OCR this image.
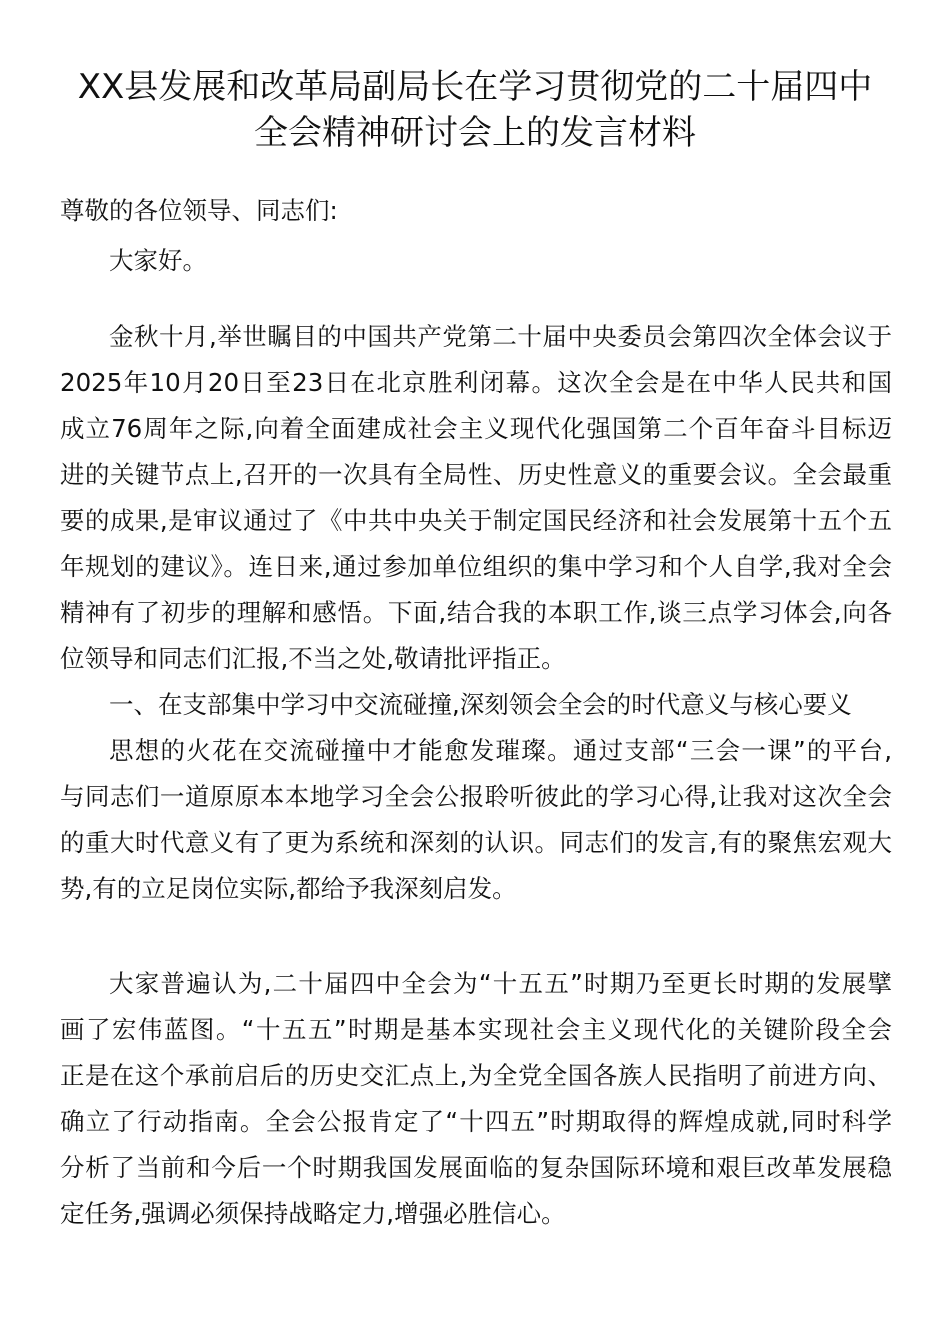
XX县发展和改革局副局长在学习贯彻党的二十届四中
全会精神研讨会上的发言材料
尊敬的各位领导、同志们:
大家好。
金秋十月,举世瞩目的中国共产党第二十届中央委员会第四次全体会议于
2025年10月20日至23日在北京胜利闭幕。这次全会是在中华人民共和国
成立76周年之际,向着全面建成社会主义现代化强国第二个百年奋斗目标迈
进的关键节点上,召开的一次具有全局性、历史性意义的重要会议。全会最重
要的成果,是审议通过了《中共中央关于制定国民经济和社会发展第十五个五
年规划的建议》。连日来,通过参加单位组织的集中学习和个人自学,我对全会
精神有了初步的理解和感悟。下面,结合我的本职工作,谈三点学习体会,向各
位领导和同志们汇报,不当之处,敬请批评指正。
一、在支部集中学习中交流碰撞,深刻领会全会的时代意义与核心要义
思想的火花在交流碰撞中才能愈发璀璨。通过支部“三会一课”的平台,
与同志们一道原原本本地学习全会公报聆听彼此的学习心得,让我对这次全会
的重大时代意义有了更为系统和深刻的认识。同志们的发言,有的聚焦宏观大
势,有的立足岗位实际,都给予我深刻启发。
大家普遍认为,二十届四中全会为“十五五”时期乃至更长时期的发展擘
画了宏伟蓝图。“十五五”时期是基本实现社会主义现代化的关键阶段全会
正是在这个承前启后的历史交汇点上,为全党全国各族人民指明了前进方向、
确立了行动指南。全会公报肯定了“十四五”时期取得的辉煌成就,同时科学
分析了当前和今后一个时期我国发展面临的复杂国际环境和艰巨改革发展稳
定任务,强调必须保持战略定力,增强必胜信心。
